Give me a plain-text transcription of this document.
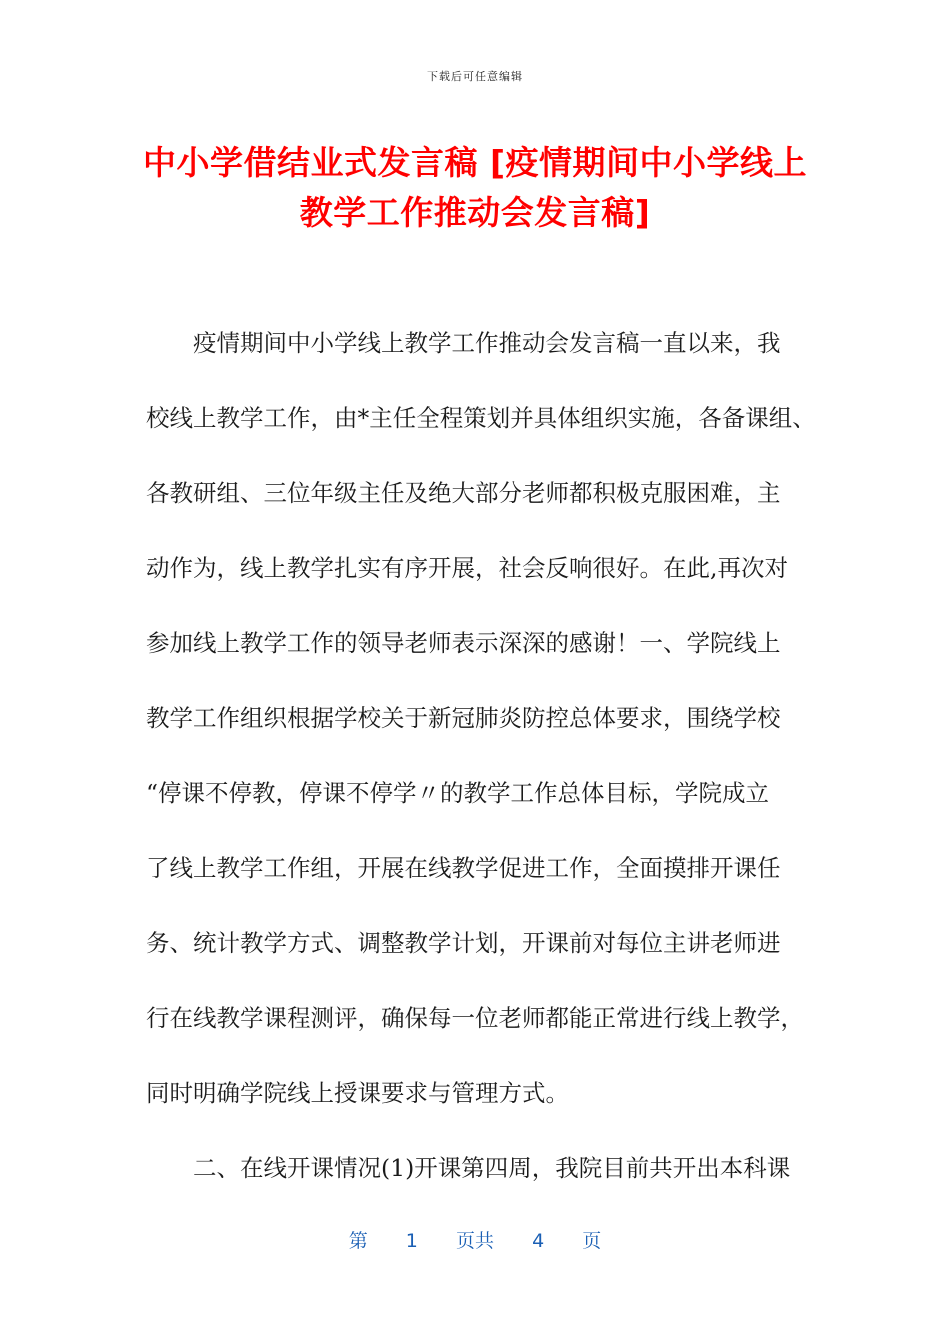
下载后可任意编辑
中小学借结业式发言稿 [疫情期间中小学线上
教学工作推动会发言稿]
　　疫情期间中小学线上教学工作推动会发言稿一直以来，我
校线上教学工作，由*主任全程策划并具体组织实施，各备课组、
各教研组、三位年级主任及绝大部分老师都积极克服困难，主
动作为，线上教学扎实有序开展，社会反响很好。在此,再次对
参加线上教学工作的领导老师表示深深的感谢！一、学院线上
教学工作组织根据学校关于新冠肺炎防控总体要求，围绕学校
“停课不停教，停课不停学〃的教学工作总体目标，学院成立
了线上教学工作组，开展在线教学促进工作，全面摸排开课任
务、统计教学方式、调整教学计划，开课前对每位主讲老师进
行在线教学课程测评，确保每一位老师都能正常进行线上教学，
同时明确学院线上授课要求与管理方式。
　　二、在线开课情况(1)开课第四周，我院目前共开出本科课
第 1 页共 4 页
